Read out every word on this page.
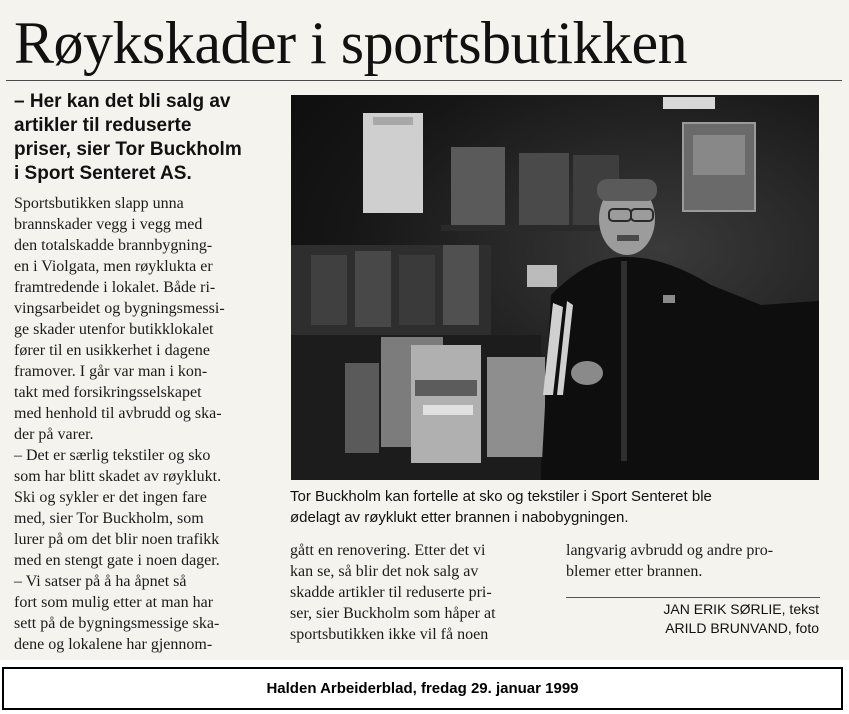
Røykskader i sportsbutikken
– Her kan det bli salg av
artikler til reduserte
priser, sier Tor Buckholm
i Sport Senteret AS.
Sportsbutikken slapp unna
brannskader vegg i vegg med
den totalskadde brannbygning-
en i Violgata, men røyklukta er
framtredende i lokalet. Både ri-
vingsarbeidet og bygningsmessi-
ge skader utenfor butikklokalet
fører til en usikkerhet i dagene
framover. I går var man i kon-
takt med forsikringsselskapet
med henhold til avbrudd og ska-
der på varer.
– Det er særlig tekstiler og sko
som har blitt skadet av røyklukt.
Ski og sykler er det ingen fare
med, sier Tor Buckholm, som
lurer på om det blir noen trafikk
med en stengt gate i noen dager.
– Vi satser på å ha åpnet så
fort som mulig etter at man har
sett på de bygningsmessige ska-
dene og lokalene har gjennom-
Tor Buckholm kan fortelle at sko og tekstiler i Sport Senteret ble
ødelagt av røyklukt etter brannen i nabobygningen.
gått en renovering. Etter det vi
kan se, så blir det nok salg av
skadde artikler til reduserte pri-
ser, sier Buckholm som håper at
sportsbutikken ikke vil få noen
langvarig avbrudd og andre pro-
blemer etter brannen.
JAN ERIK SØRLIE, tekst
ARILD BRUNVAND, foto
Halden Arbeiderblad, fredag 29. januar 1999
